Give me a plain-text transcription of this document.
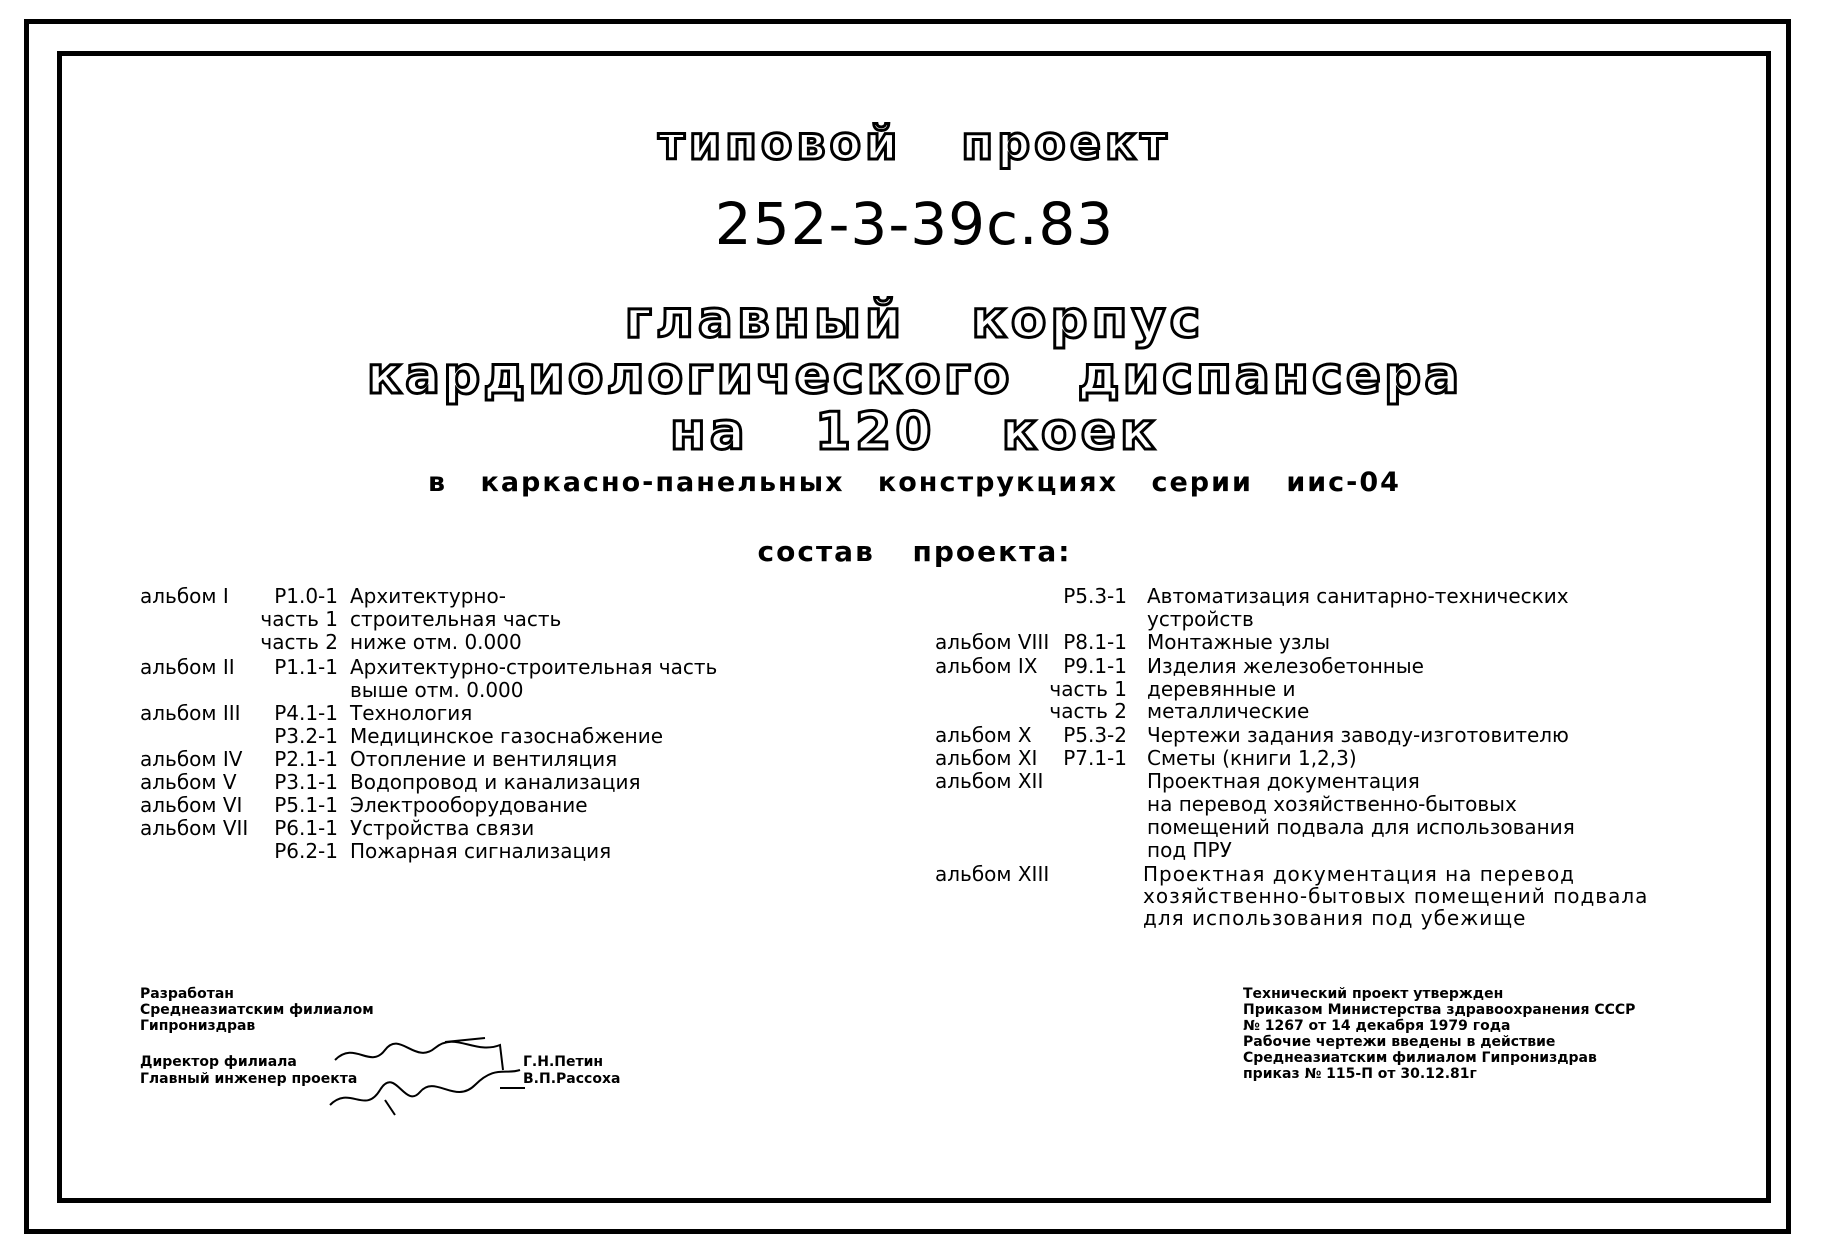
типовой проект
252-3-39с.83
главный корпус
кардиологического диспансера
на 120 коек
в каркасно-панельных конструкциях серии иис-04
состав проекта:
альбом I	Р1.0-1 Архитектурно-
часть 1 строительная часть
часть 2 ниже отм. 0.000
альбом II	Р1.1-1 Архитектурно-строительная часть
выше отм. 0.000
альбом III	Р4.1-1 Технология
Р3.2-1 Медицинское газоснабжение
альбом IV	Р2.1-1 Отопление и вентиляция
альбом V	Р3.1-1 Водопровод и канализация
альбом VI	Р5.1-1 Электрооборудование
альбом VII	Р6.1-1 Устройства связи
Р6.2-1 Пожарная сигнализация
Р5.3-1 Автоматизация санитарно-технических
устройств
альбом VIII Р8.1-1 Монтажные узлы
альбом IX	Р9.1-1 Изделия железобетонные
часть 1 деревянные и
часть 2 металлические
альбом X	Р5.3-2 Чертежи задания заводу-изготовителю
альбом XI	Р7.1-1 Сметы (книги 1,2,3)
альбом XII	Проектная документация
на перевод хозяйственно-бытовых
помещений подвала для использования
под ПРУ
альбом XIII	Проектная документация на перевод
хозяйственно-бытовых помещений подвала
для использования под убежище
Разработан
Среднеазиатским филиалом
Гипрониздрав
Директор филиала
Главный инженер проекта
Г.Н.Петин
В.П.Рассоха
Технический проект утвержден
Приказом Министерства здравоохранения СССР
№ 1267 от 14 декабря 1979 года
Рабочие чертежи введены в действие
Среднеазиатским филиалом Гипрониздрав
приказ № 115-П от 30.12.81г
